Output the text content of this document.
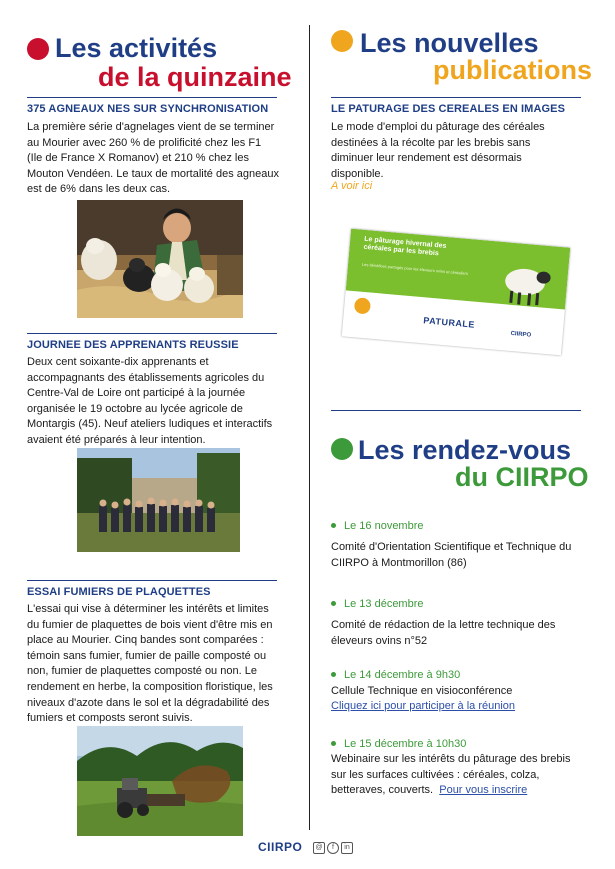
Les activités
de la quinzaine
375 AGNEAUX NES SUR SYNCHRONISATION
La première série d'agnelages vient de se terminer au Mourier avec 260 % de prolificité chez les F1 (Ile de France X Romanov) et 210 % chez les Mouton Vendéen. Le taux de mortalité des agneaux est de 6% dans les deux cas.
JOURNEE DES APPRENANTS REUSSIE
Deux cent soixante-dix apprenants et accompagnants des établissements agricoles du Centre-Val de Loire ont participé à la journée organisée le 19 octobre au lycée agricole de Montargis (45). Neuf ateliers ludiques et interactifs avaient été préparés à leur intention.
ESSAI FUMIERS DE PLAQUETTES
L'essai qui vise à déterminer les intérêts et limites du fumier de plaquettes de bois vient d'être mis en place au Mourier. Cinq bandes sont comparées : témoin sans fumier, fumier de paille composté ou non, fumier de plaquettes composté ou non. Le rendement en herbe, la composition floristique, les niveaux d'azote dans le sol et la dégradabilité des fumiers et composts seront suivis.
Les nouvelles
publications
LE PATURAGE DES CEREALES EN IMAGES
Le mode d'emploi du pâturage des céréales destinées à la récolte par les brebis sans diminuer leur rendement est désormais disponible.
A voir ici
Le pâturage hivernal des céréales par les brebis
Les bénéfices partagés pour les éleveurs ovins et céréaliers
PATURALE
CIIRPO
Les rendez-vous
du CIIRPO
Le 16 novembre
Comité d'Orientation Scientifique et Technique du CIIRPO à Montmorillon (86)
Le 13 décembre
Comité de rédaction de la lettre technique des éleveurs ovins n°52
Le 14 décembre à 9h30
Cellule Technique en visioconférence
Cliquez ici pour participer à la réunion
Le 15 décembre à 10h30
Webinaire sur les intérêts du pâturage des brebis sur les surfaces cultivées : céréales, colza, betteraves, couverts. Pour vous inscrire
CIIRPO	@	f	in
